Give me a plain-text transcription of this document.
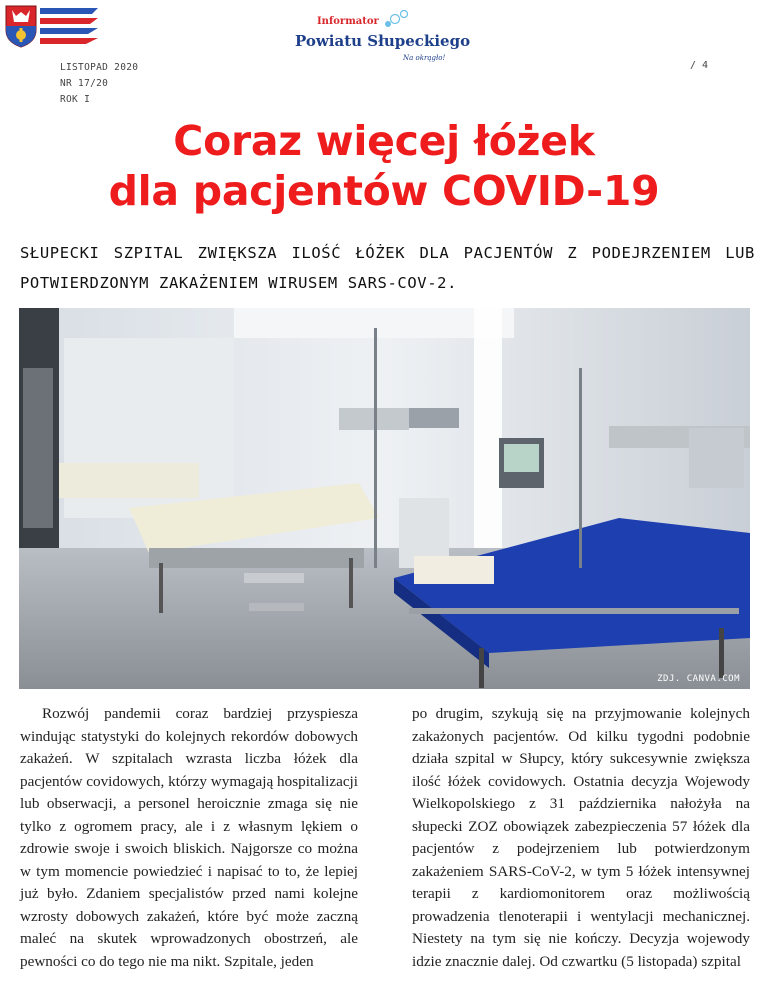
Informator
Powiatu Słupeckiego
Na okrągło!
LISTOPAD 2020
NR 17/20
ROK I
/ 4
Coraz więcej łóżek
dla pacjentów COVID-19
SŁUPECKI SZPITAL ZWIĘKSZA ILOŚĆ ŁÓŻEK DLA PACJENTÓW Z PODEJRZENIEM LUB POTWIERDZONYM ZAKAŻENIEM WIRUSEM SARS-COV-2.
ZDJ. CANVA.COM
Rozwój pandemii coraz bardziej przyspiesza windując statystyki do kolejnych rekordów dobowych zakażeń. W szpitalach wzrasta liczba łóżek dla pacjentów covidowych, którzy wymagają hospitalizacji lub obserwacji, a personel heroicznie zmaga się nie tylko z ogromem pracy, ale i z własnym lękiem o zdrowie swoje i swoich bliskich. Najgorsze co można w tym momencie powiedzieć i napisać to to, że lepiej już było. Zdaniem specjalistów przed nami kolejne wzrosty dobowych zakażeń, które być może zaczną maleć na skutek wprowadzonych obostrzeń, ale pewności co do tego nie ma nikt. Szpitale, jeden
po drugim, szykują się na przyjmowanie kolejnych zakażonych pacjentów. Od kilku tygodni podobnie działa szpital w Słupcy, który sukcesywnie zwiększa ilość łóżek covidowych. Ostatnia decyzja Wojewody Wielkopolskiego z 31 października nałożyła na słupecki ZOZ obowiązek zabezpieczenia 57 łóżek dla pacjentów z podejrzeniem lub potwierdzonym zakażeniem SARS-CoV-2, w tym 5 łóżek intensywnej terapii z kardiomonitorem oraz możliwością prowadzenia tlenoterapii i wentylacji mechanicznej. Niestety na tym się nie kończy. Decyzja wojewody idzie znacznie dalej. Od czwartku (5 listopada) szpital
